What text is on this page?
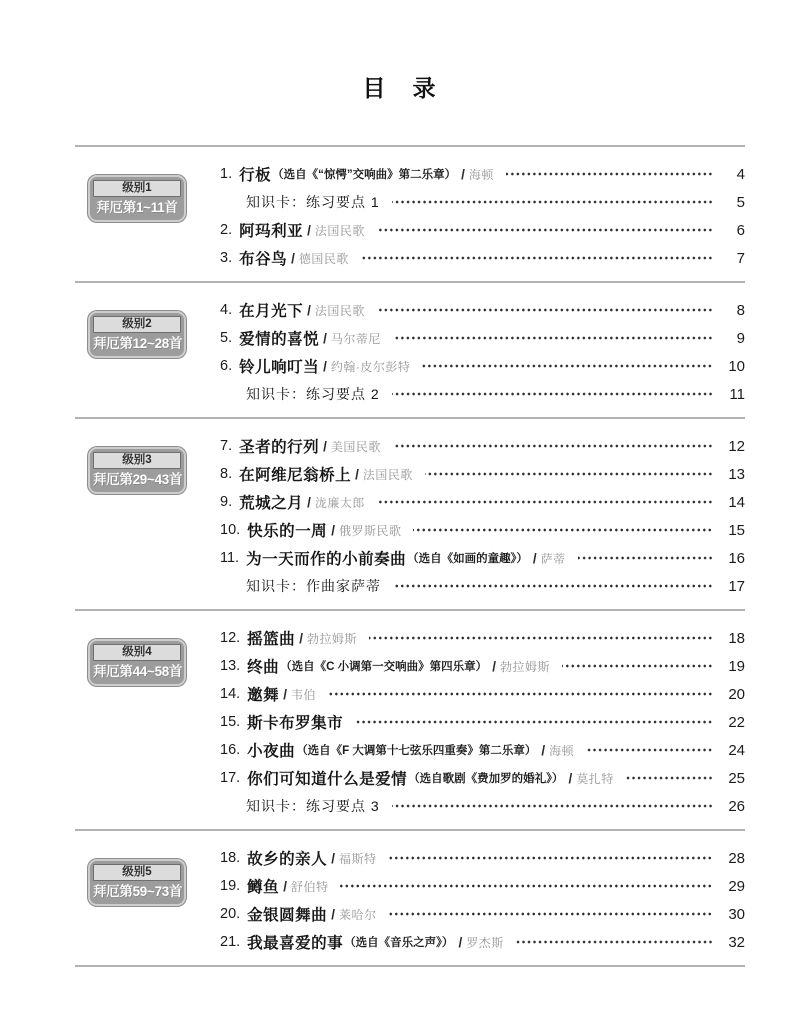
目　录
级别1
拜厄第1~11首
1. 行板 （选自《“惊愕”交响曲》第二乐章） / 海顿	4
知识卡：练习要点 1	5
2. 阿玛利亚 / 法国民歌	6
3. 布谷鸟 / 德国民歌	7
级别2
拜厄第12~28首
4. 在月光下 / 法国民歌	8
5. 爱情的喜悦 / 马尔蒂尼	9
6. 铃儿响叮当 / 约翰·皮尔彭特	10
知识卡：练习要点 2	11
级别3
拜厄第29~43首
7. 圣者的行列 / 美国民歌	12
8. 在阿维尼翁桥上 / 法国民歌	13
9. 荒城之月 / 泷廉太郎	14
10. 快乐的一周 / 俄罗斯民歌	15
11. 为一天而作的小前奏曲 （选自《如画的童趣》） / 萨蒂	16
知识卡：作曲家萨蒂	17
级别4
拜厄第44~58首
12. 摇篮曲 / 勃拉姆斯	18
13. 终曲 （选自《C 小调第一交响曲》第四乐章） / 勃拉姆斯	19
14. 邀舞 / 韦伯	20
15. 斯卡布罗集市	22
16. 小夜曲 （选自《F 大调第十七弦乐四重奏》第二乐章） / 海顿	24
17. 你们可知道什么是爱情 （选自歌剧《费加罗的婚礼》） / 莫扎特	25
知识卡：练习要点 3	26
级别5
拜厄第59~73首
18. 故乡的亲人 / 福斯特	28
19. 鳟鱼 / 舒伯特	29
20. 金银圆舞曲 / 莱哈尔	30
21. 我最喜爱的事 （选自《音乐之声》） / 罗杰斯	32
